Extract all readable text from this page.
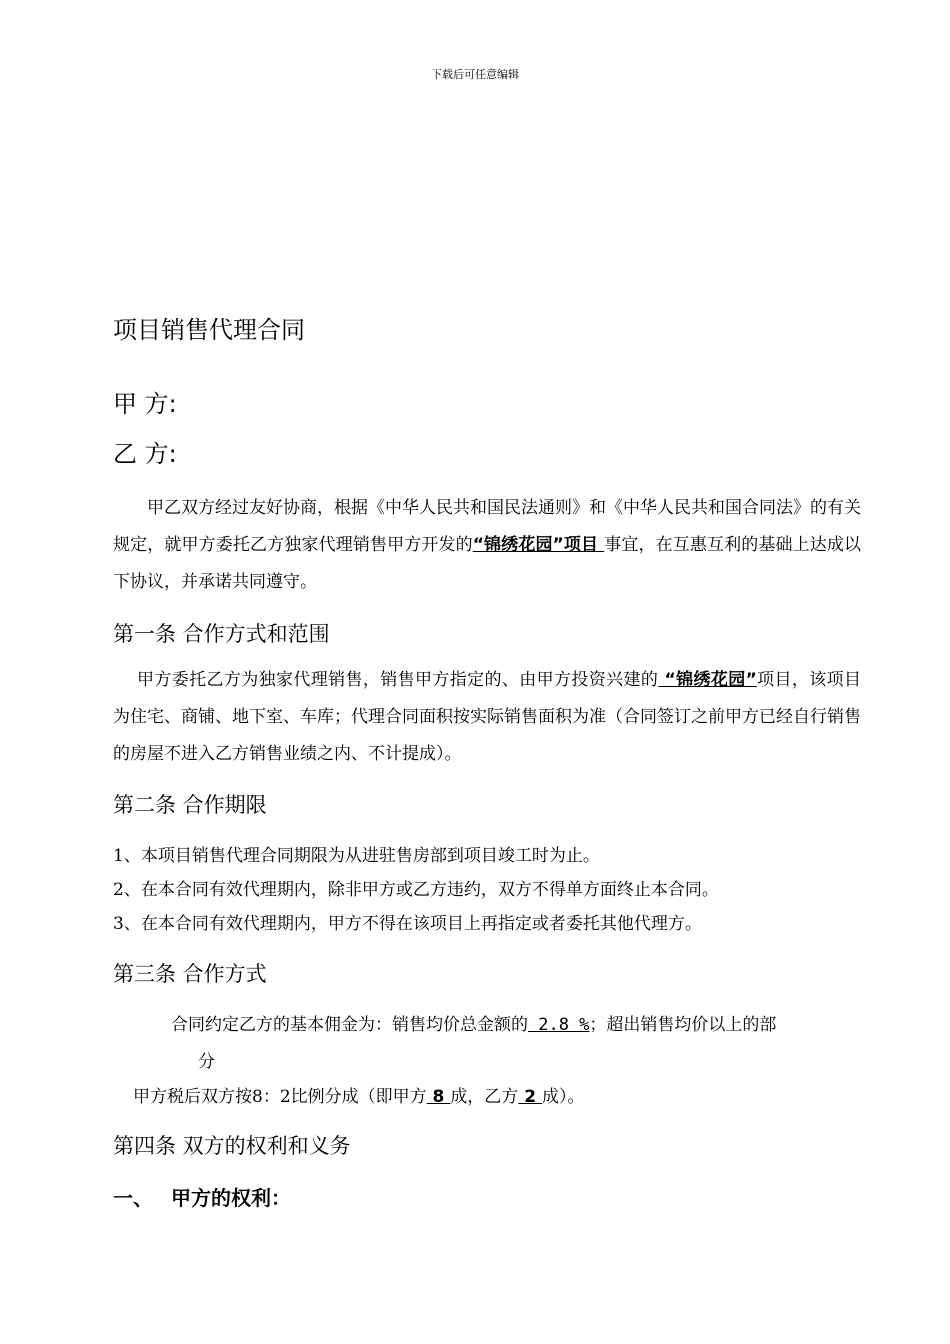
下载后可任意编辑
项目销售代理合同
甲 方:
乙 方:
甲乙双方经过友好协商，根据《中华人民共和国民法通则》和《中华人民共和国合同法》的有关规定，就甲方委托乙方独家代理销售甲方开发的“锦绣花园”项目 事宜，在互惠互利的基础上达成以下协议，并承诺共同遵守。
第一条 合作方式和范围
甲方委托乙方为独家代理销售，销售甲方指定的、由甲方投资兴建的 “锦绣花园”项目，该项目为住宅、商铺、地下室、车库；代理合同面积按实际销售面积为准（合同签订之前甲方已经自行销售的房屋不进入乙方销售业绩之内、不计提成）。
第二条 合作期限
1、本项目销售代理合同期限为从进驻售房部到项目竣工时为止。
2、在本合同有效代理期内，除非甲方或乙方违约，双方不得单方面终止本合同。
3、在本合同有效代理期内，甲方不得在该项目上再指定或者委托其他代理方。
第三条 合作方式
合同约定乙方的基本佣金为：销售均价总金额的 2.8 %；超出销售均价以上的部
分
甲方税后双方按8：2比例分成（即甲方 8 成，乙方 2 成）。
第四条 双方的权利和义务
一、 甲方的权利：
